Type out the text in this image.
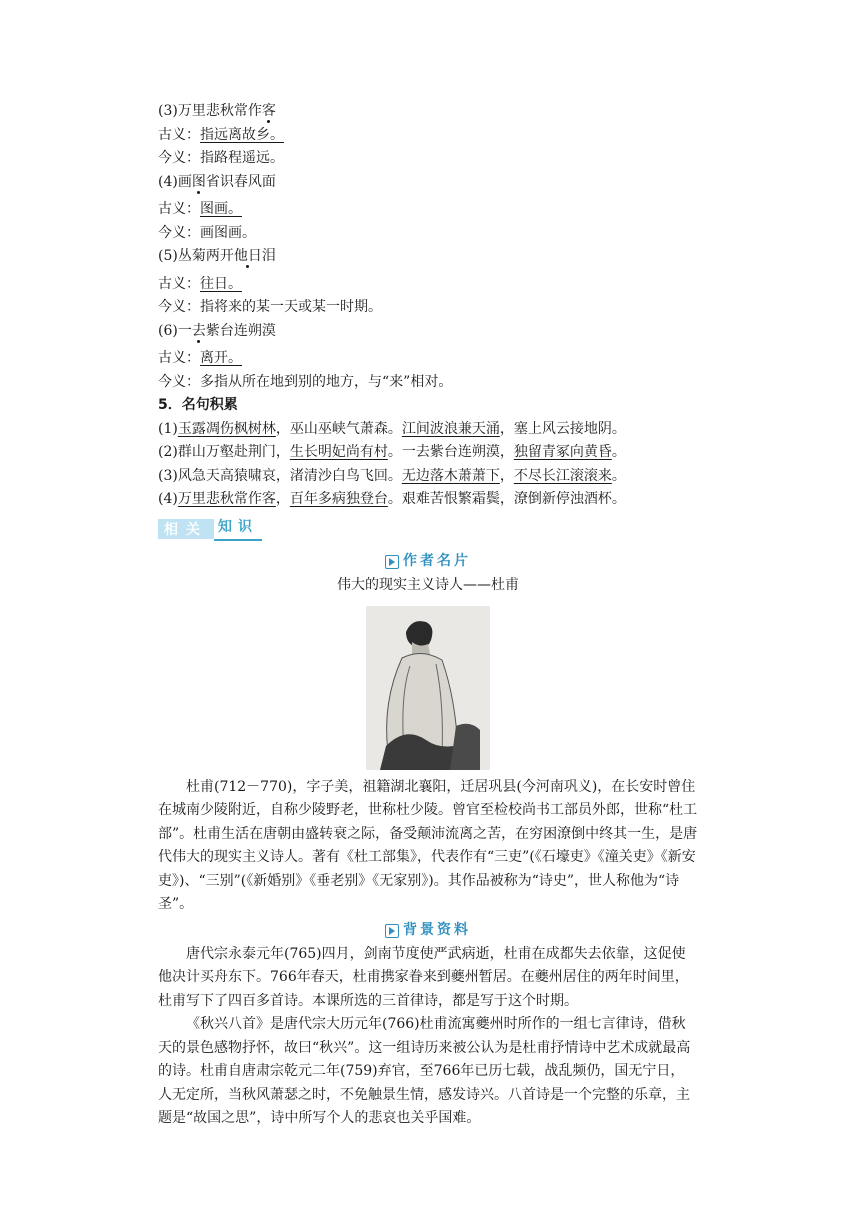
(3)万里悲秋常作客
古义：指远离故乡。
今义：指路程遥远。
(4)画图省识春风面
古义：图画。
今义：画图画。
(5)丛菊两开他日泪
古义：往日。
今义：指将来的某一天或某一时期。
(6)一去紫台连朔漠
古义：离开。
今义：多指从所在地到别的地方，与“来”相对。
5．名句积累
(1)玉露凋伤枫树林，巫山巫峡气萧森。江间波浪兼天涌，塞上风云接地阴。
(2)群山万壑赴荆门，生长明妃尚有村。一去紫台连朔漠，独留青冢向黄昏。
(3)风急天高猿啸哀，渚清沙白鸟飞回。无边落木萧萧下，不尽长江滚滚来。
(4)万里悲秋常作客，百年多病独登台。艰难苦恨繁霜鬓，潦倒新停浊酒杯。
相关 知识
作者名片
伟大的现实主义诗人——杜甫
杜甫(712－770)，字子美，祖籍湖北襄阳，迁居巩县(今河南巩义)，在长安时曾住在城南少陵附近，自称少陵野老，世称杜少陵。曾官至检校尚书工部员外郎，世称“杜工部”。杜甫生活在唐朝由盛转衰之际，备受颠沛流离之苦，在穷困潦倒中终其一生，是唐代伟大的现实主义诗人。著有《杜工部集》，代表作有“三吏”(《石壕吏》《潼关吏》《新安吏》)、“三别”(《新婚别》《垂老别》《无家别》)。其作品被称为“诗史”，世人称他为“诗圣”。
背景资料
唐代宗永泰元年(765)四月，剑南节度使严武病逝，杜甫在成都失去依靠，这促使他决计买舟东下。766年春天，杜甫携家眷来到夔州暂居。在夔州居住的两年时间里，杜甫写下了四百多首诗。本课所选的三首律诗，都是写于这个时期。
《秋兴八首》是唐代宗大历元年(766)杜甫流寓夔州时所作的一组七言律诗，借秋天的景色感物抒怀，故曰“秋兴”。这一组诗历来被公认为是杜甫抒情诗中艺术成就最高的诗。杜甫自唐肃宗乾元二年(759)弃官，至766年已历七载，战乱频仍，国无宁日，人无定所，当秋风萧瑟之时，不免触景生情，感发诗兴。八首诗是一个完整的乐章，主题是“故国之思”，诗中所写个人的悲哀也关乎国难。
